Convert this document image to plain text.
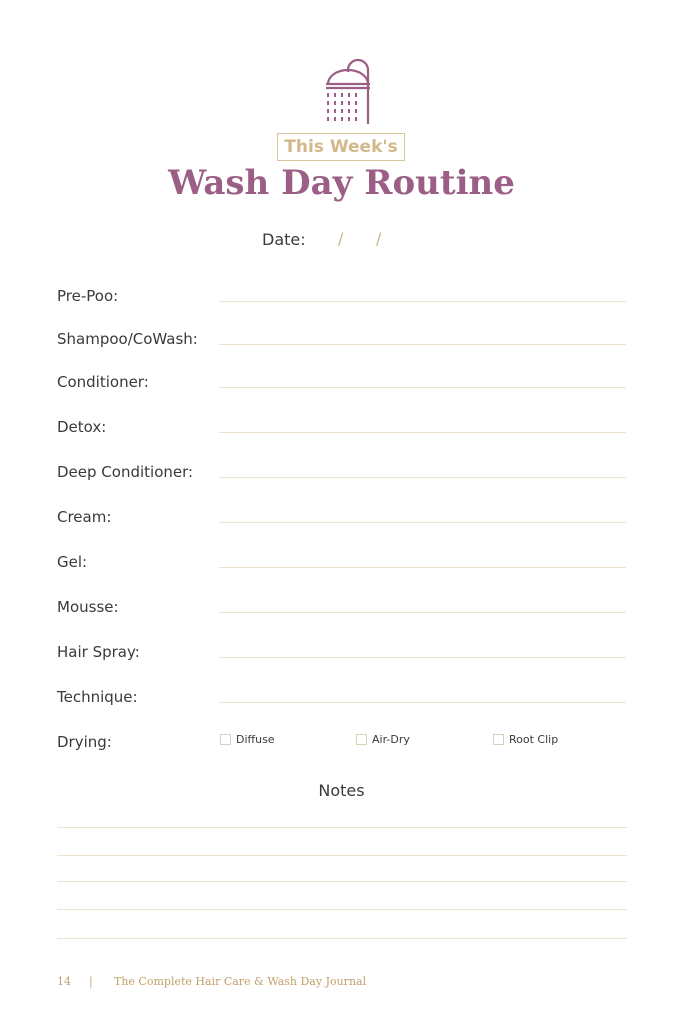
This Week's
Wash Day Routine
Date: / /
Pre-Poo:
Shampoo/CoWash:
Conditioner:
Detox:
Deep Conditioner:
Cream:
Gel:
Mousse:
Hair Spray:
Technique:
Drying:	Diffuse	Air-Dry	Root Clip
Notes
14 | The Complete Hair Care & Wash Day Journal
